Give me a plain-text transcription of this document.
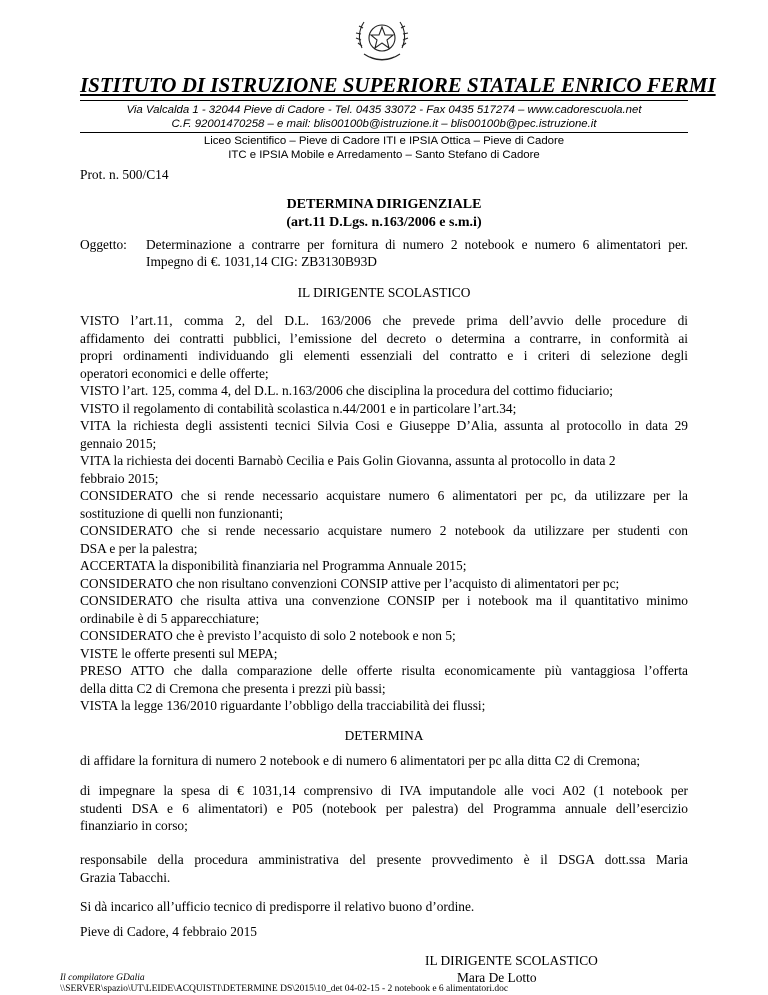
ISTITUTO DI ISTRUZIONE SUPERIORE STATALE ENRICO FERMI
Via Valcalda 1 - 32044 Pieve di Cadore - Tel. 0435 33072 - Fax 0435 517274 – www.cadorescuola.net
C.F. 92001470258 – e mail: blis00100b@istruzione.it – blis00100b@pec.istruzione.it
Liceo Scientifico – Pieve di Cadore ITI e IPSIA Ottica – Pieve di Cadore
ITC e IPSIA Mobile e Arredamento – Santo Stefano di Cadore
Prot. n. 500/C14
DETERMINA DIRIGENZIALE
(art.11 D.Lgs. n.163/2006 e s.m.i)
Oggetto: Determinazione a contrarre per fornitura di numero 2 notebook e numero 6 alimentatori per.
Impegno di €. 1031,14 CIG: ZB3130B93D
IL DIRIGENTE SCOLASTICO
VISTO l’art.11, comma 2, del D.L. 163/2006 che prevede prima dell’avvio delle procedure di
affidamento dei contratti pubblici, l’emissione del decreto o determina a contrarre, in conformità ai
propri ordinamenti individuando gli elementi essenziali del contratto e i criteri di selezione degli
operatori economici e delle offerte;
VISTO l’art. 125, comma 4, del D.L. n.163/2006 che disciplina la procedura del cottimo fiduciario;
VISTO il regolamento di contabilità scolastica n.44/2001 e in particolare l’art.34;
VITA la richiesta degli assistenti tecnici Silvia Cosi e Giuseppe D’Alia, assunta al protocollo in data 29
gennaio 2015;
VITA la richiesta dei docenti Barnabò Cecilia e Pais Golin Giovanna, assunta al protocollo in data 2
febbraio 2015;
CONSIDERATO che si rende necessario acquistare numero 6 alimentatori per pc, da utilizzare per la
sostituzione di quelli non funzionanti;
CONSIDERATO che si rende necessario acquistare numero 2 notebook da utilizzare per studenti con
DSA e per la palestra;
ACCERTATA la disponibilità finanziaria nel Programma Annuale 2015;
CONSIDERATO che non risultano convenzioni CONSIP attive per l’acquisto di alimentatori per pc;
CONSIDERATO che risulta attiva una convenzione CONSIP per i notebook ma il quantitativo minimo
ordinabile è di 5 apparecchiature;
CONSIDERATO che è previsto l’acquisto di solo 2 notebook e non 5;
VISTE le offerte presenti sul MEPA;
PRESO ATTO che dalla comparazione delle offerte risulta economicamente più vantaggiosa l’offerta
della ditta C2 di Cremona che presenta i prezzi più bassi;
VISTA la legge 136/2010 riguardante l’obbligo della tracciabilità dei flussi;
DETERMINA
di affidare la fornitura di numero 2 notebook e di numero 6 alimentatori per pc alla ditta C2 di Cremona;
di impegnare la spesa di € 1031,14 comprensivo di IVA imputandole alle voci A02 (1 notebook per
studenti DSA e 6 alimentatori) e P05 (notebook per palestra) del Programma annuale dell’esercizio
finanziario in corso;
responsabile della procedura amministrativa del presente provvedimento è il DSGA dott.ssa Maria
Grazia Tabacchi.
Si dà incarico all’ufficio tecnico di predisporre il relativo buono d’ordine.
Pieve di Cadore, 4 febbraio 2015
IL DIRIGENTE SCOLASTICO
Mara De Lotto
Il compilatore GDalia
\\SERVER\spazio\UT\LEIDE\ACQUISTI\DETERMINE DS\2015\10_det 04-02-15 - 2 notebook e 6 alimentatori.doc
